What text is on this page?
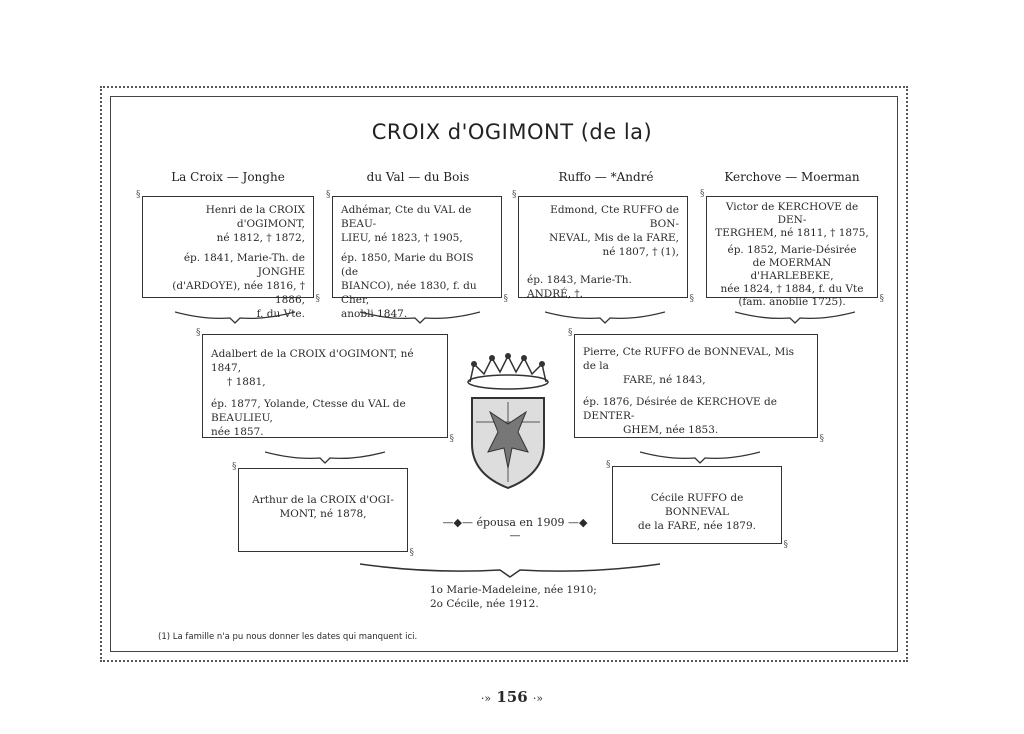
CROIX d'OGIMONT (de la)
La Croix — Jonghe	du Val — du Bois	Ruffo — *André	Kerchove — Moerman

§ Henri de la CROIX d'OGIMONT,
né 1812, † 1872,

ép. 1841, Marie-Th. de JONGHE
(d'ARDOYE), née 1816, † 1886,
f. du Vte.

§

§ Adhémar, Cte du VAL de BEAU-
LIEU, né 1823, † 1905,

ép. 1850, Marie du BOIS (de
BIANCO), née 1830, f. du Cher,
anobli 1847.

§

§ Edmond, Cte RUFFO de BON-
NEVAL, Mis de la FARE,
né 1807, † (1),

ép. 1843, Marie-Th. ANDRÉ, †.

§

§ Victor de KERCHOVE de DEN-
TERGHEM, né 1811, † 1875,

ép. 1852, Marie-Désirée
de MOERMAN d'HARLEBEKE,
née 1824, † 1884, f. du Vte
(fam. anoblie 1725).

§

§ Adalbert de la CROIX d'OGIMONT, né 1847,
† 1881,

ép. 1877, Yolande, Ctesse du VAL de BEAULIEU,
née 1857.

§

§ Pierre, Cte RUFFO de BONNEVAL, Mis de la
FARE, né 1843,

ép. 1876, Désirée de KERCHOVE de DENTER-
GHEM, née 1853.

§

§ Arthur de la CROIX d'OGI-
MONT, né 1878,

§

§ Cécile RUFFO de BONNEVAL
de la FARE, née 1879.

§
—◆— épousa en 1909 —◆—
1o Marie-Madeleine, née 1910;
2o Cécile, née 1912.
(1) La famille n'a pu nous donner les dates qui manquent ici.
·» 156 ·»
